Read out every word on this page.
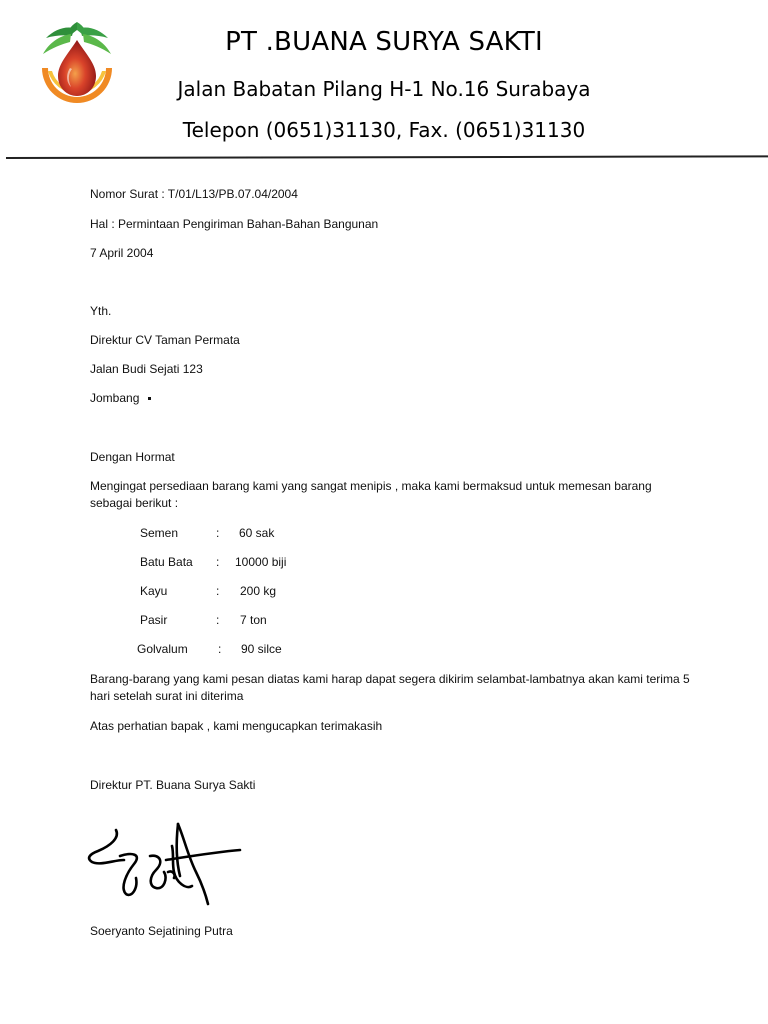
PT .BUANA SURYA SAKTI
Jalan Babatan Pilang H-1 No.16 Surabaya
Telepon (0651)31130, Fax. (0651)31130
Nomor Surat : T/01/L13/PB.07.04/2004
Hal : Permintaan Pengiriman Bahan-Bahan Bangunan
7 April 2004
Yth.
Direktur CV Taman Permata
Jalan Budi Sejati 123
Jombang
Dengan Hormat
Mengingat persediaan barang kami yang sangat menipis , maka kami bermaksud untuk memesan barang sebagai berikut :
Semen	: 60 sak
Batu Bata : 10000 biji
Kayu	: 200 kg
Pasir	: 7 ton
Golvalum	: 90 silce
Barang-barang yang kami pesan diatas kami harap dapat segera dikirim selambat-lambatnya akan kami terima 5 hari setelah surat ini diterima
Atas perhatian bapak , kami mengucapkan terimakasih
Direktur PT. Buana Surya Sakti
Soeryanto Sejatining Putra
